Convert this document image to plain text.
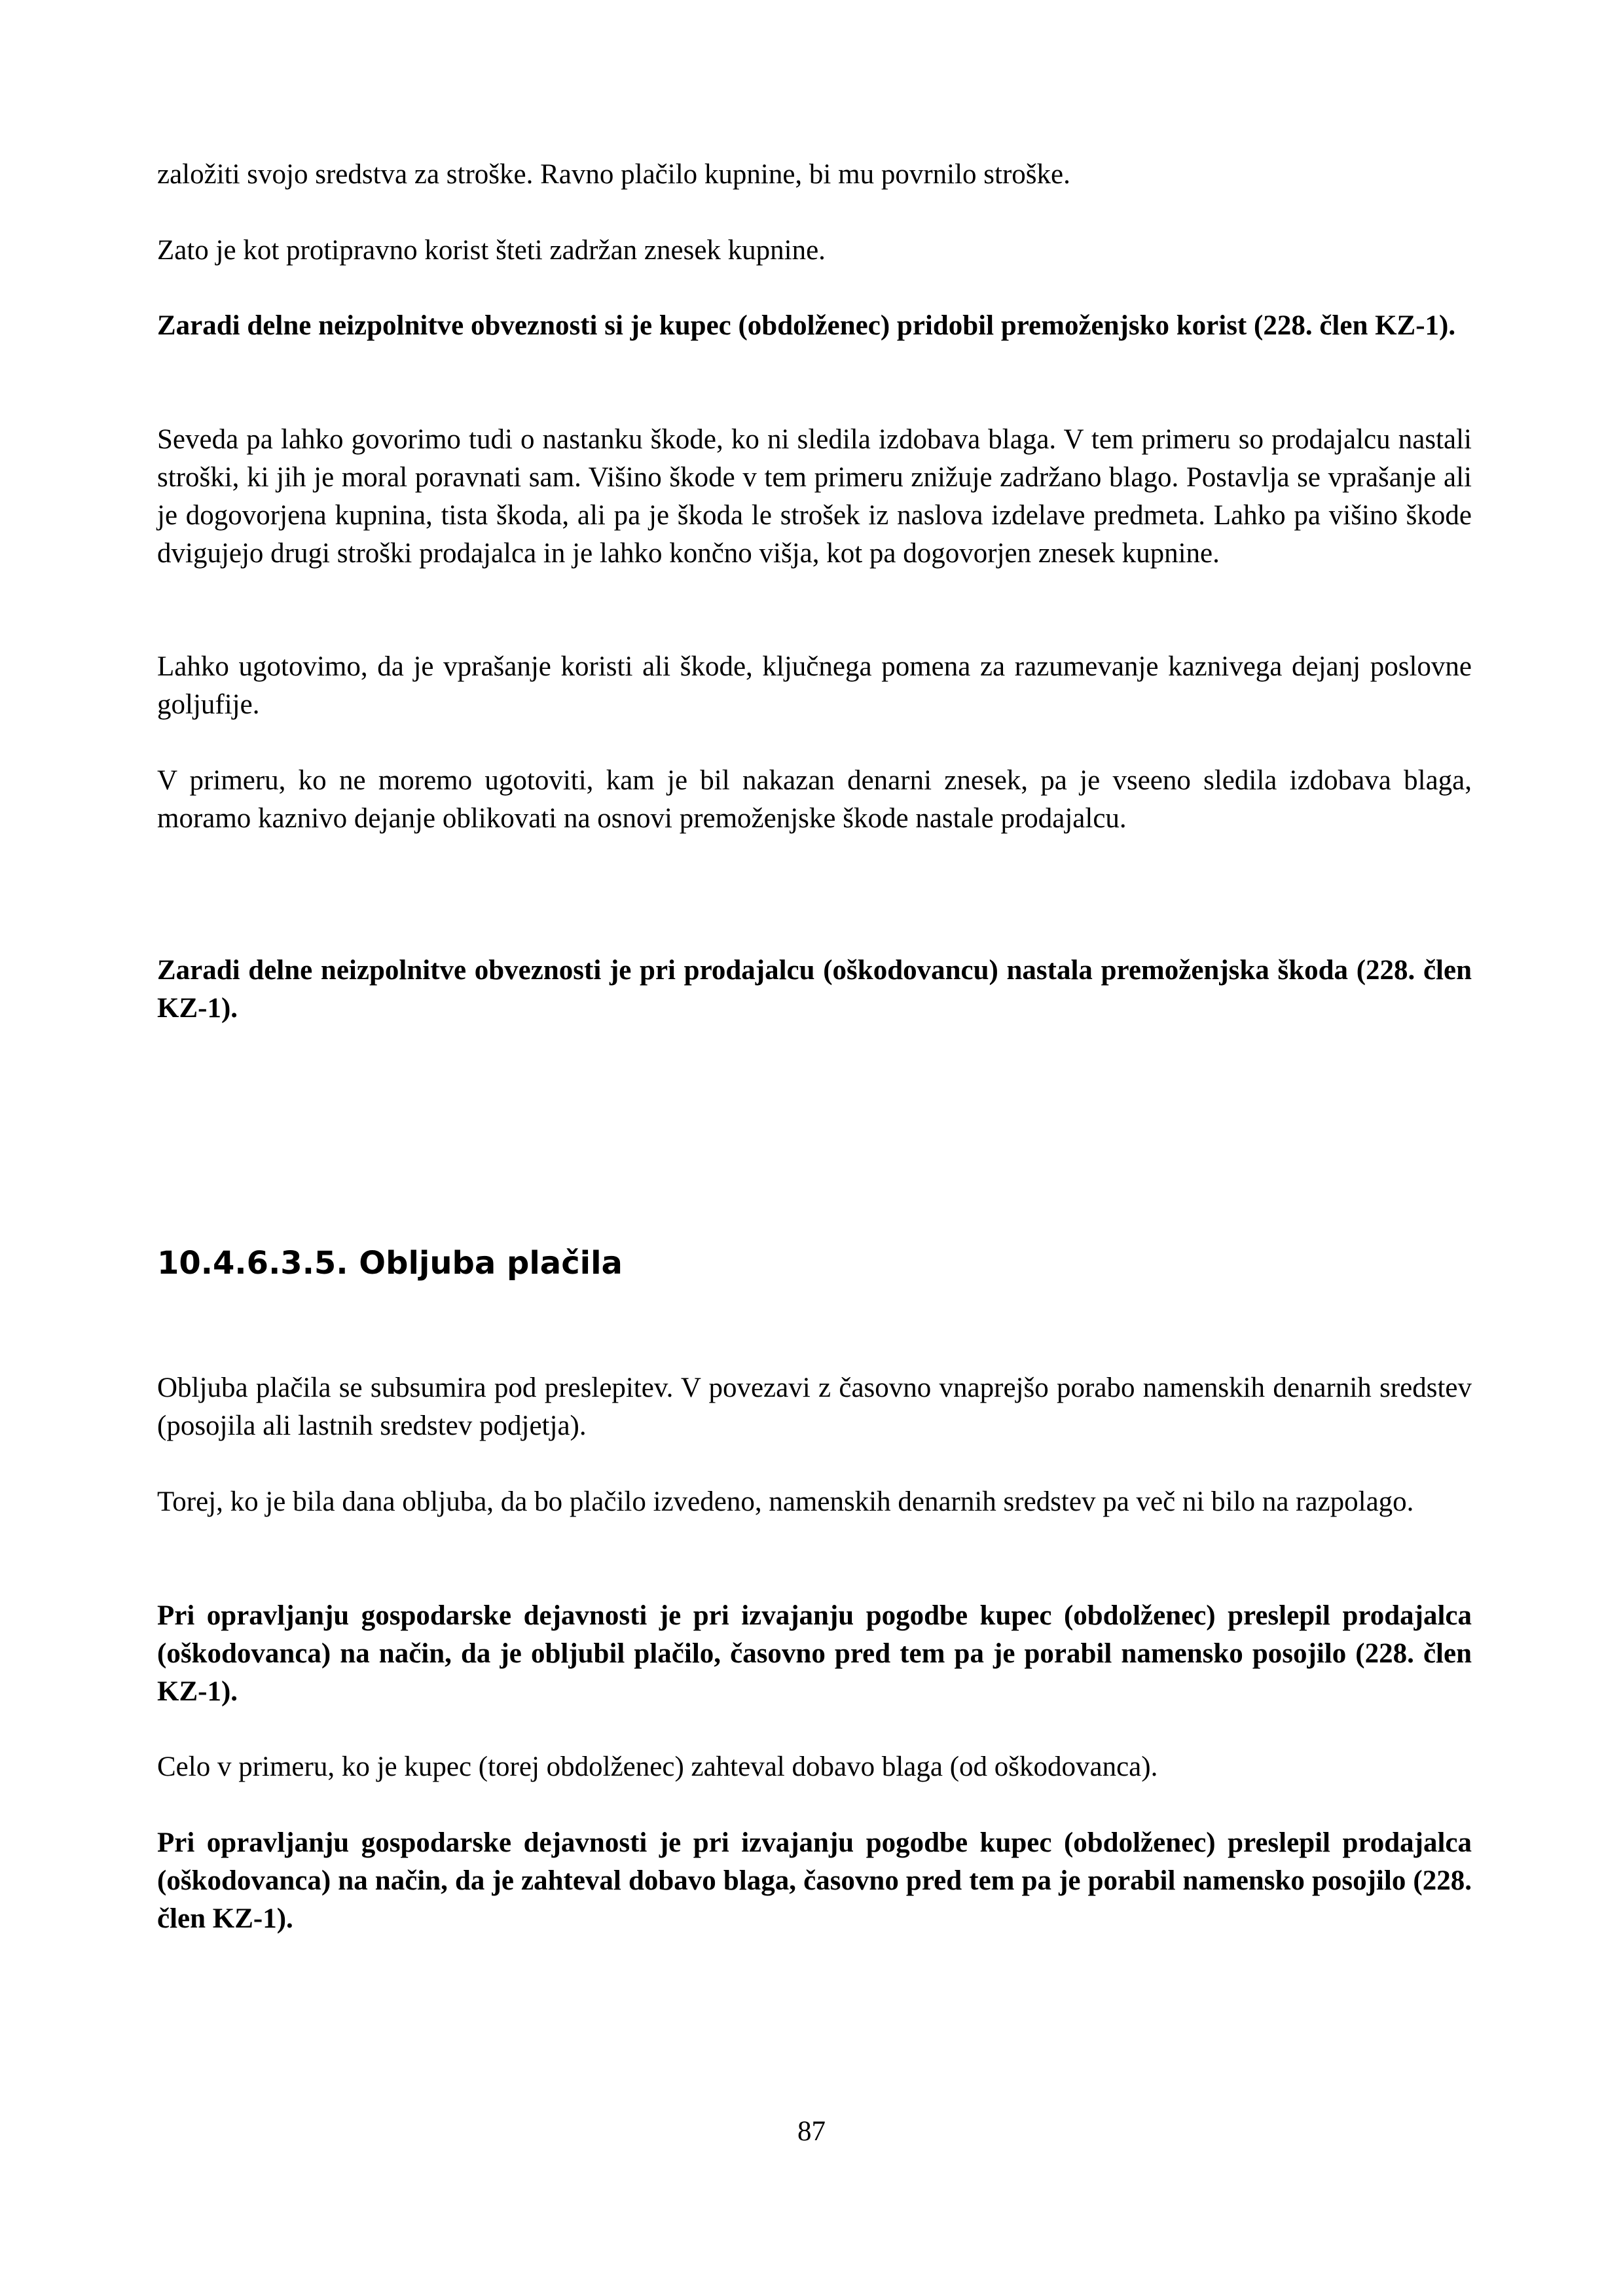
založiti svojo sredstva za stroške. Ravno plačilo kupnine, bi mu povrnilo stroške.

Zato je kot protipravno korist šteti zadržan znesek kupnine.

Zaradi delne neizpolnitve obveznosti si je kupec (obdolženec) pridobil premoženjsko korist (228. člen KZ-1).

Seveda pa lahko govorimo tudi o nastanku škode, ko ni sledila izdobava blaga. V tem primeru so prodajalcu nastali stroški, ki jih je moral poravnati sam. Višino škode v tem primeru znižuje zadržano blago. Postavlja se vprašanje ali je dogovorjena kupnina, tista škoda, ali pa je škoda le strošek iz naslova izdelave predmeta. Lahko pa višino škode dvigujejo drugi stroški prodajalca in je lahko končno višja, kot pa dogovorjen znesek kupnine.

Lahko ugotovimo, da je vprašanje koristi ali škode, ključnega pomena za razumevanje kaznivega dejanj poslovne goljufije.

V primeru, ko ne moremo ugotoviti, kam je bil nakazan denarni znesek, pa je vseeno sledila izdobava blaga, moramo kaznivo dejanje oblikovati na osnovi premoženjske škode nastale prodajalcu.

Zaradi delne neizpolnitve obveznosti je pri prodajalcu (oškodovancu) nastala premoženjska škoda (228. člen KZ-1).

10.4.6.3.5. Obljuba plačila

Obljuba plačila se subsumira pod preslepitev. V povezavi z časovno vnaprejšo porabo namenskih denarnih sredstev (posojila ali lastnih sredstev podjetja).

Torej, ko je bila dana obljuba, da bo plačilo izvedeno, namenskih denarnih sredstev pa več ni bilo na razpolago.

Pri opravljanju gospodarske dejavnosti je pri izvajanju pogodbe kupec (obdolženec) preslepil prodajalca (oškodovanca) na način, da je obljubil plačilo, časovno pred tem pa je porabil namensko posojilo (228. člen KZ-1).

Celo v primeru, ko je kupec (torej obdolženec) zahteval dobavo blaga (od oškodovanca).

Pri opravljanju gospodarske dejavnosti je pri izvajanju pogodbe kupec (obdolženec) preslepil prodajalca (oškodovanca) na način, da je zahteval dobavo blaga, časovno pred tem pa je porabil namensko posojilo (228. člen KZ-1).

87
